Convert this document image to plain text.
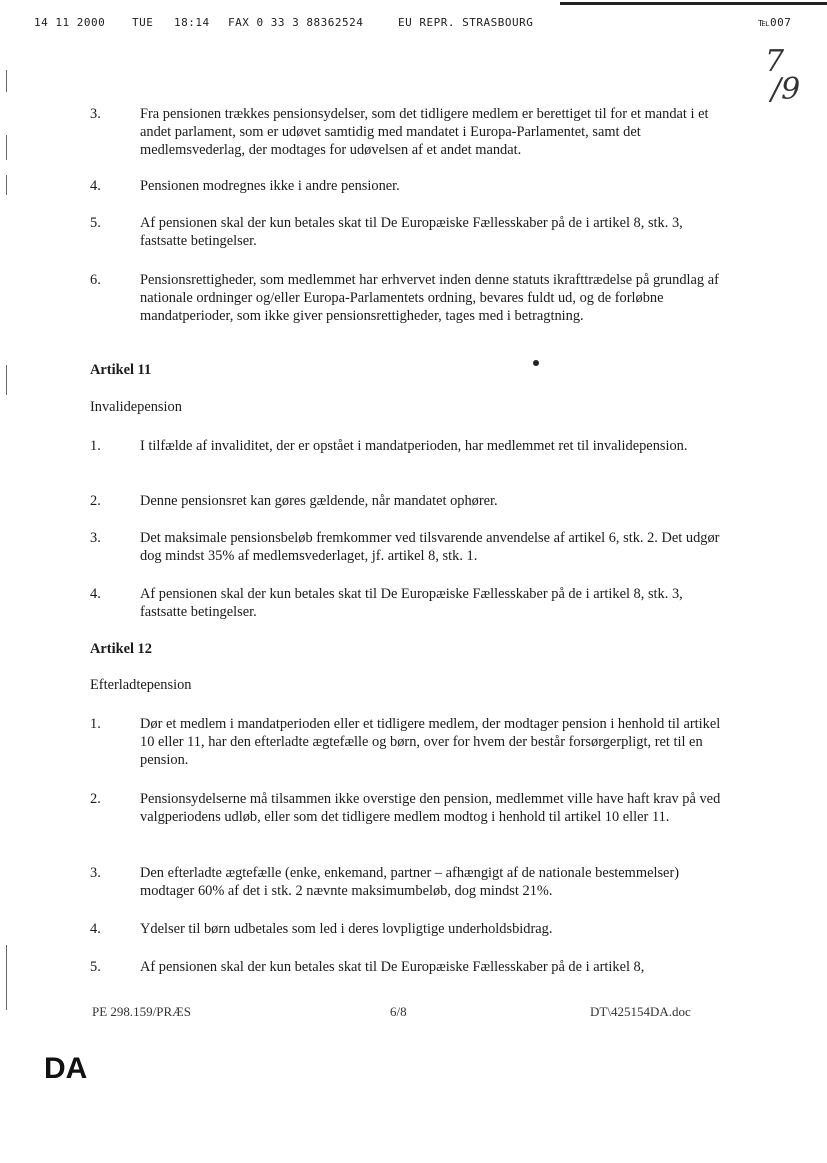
14 11 2000 TUE 18:14 FAX 0 33 3 88362524	EU REPR. STRASBOURG	℡ 007
7
/9
3.	Fra pensionen trækkes pensionsydelser, som det tidligere medlem er berettiget til for et mandat i et andet parlament, som er udøvet samtidig med mandatet i Europa-Parlamentet, samt det medlemsvederlag, der modtages for udøvelsen af et andet mandat.
4.	Pensionen modregnes ikke i andre pensioner.
5.	Af pensionen skal der kun betales skat til De Europæiske Fællesskaber på de i artikel 8, stk. 3, fastsatte betingelser.
6.	Pensionsrettigheder, som medlemmet har erhvervet inden denne statuts ikrafttrædelse på grundlag af nationale ordninger og/eller Europa-Parlamentets ordning, bevares fuldt ud, og de forløbne mandatperioder, som ikke giver pensionsrettigheder, tages med i betragtning.
Artikel 11
Invalidepension
1.	I tilfælde af invaliditet, der er opstået i mandatperioden, har medlemmet ret til invalidepension.
2.	Denne pensionsret kan gøres gældende, når mandatet ophører.
3.	Det maksimale pensionsbeløb fremkommer ved tilsvarende anvendelse af artikel 6, stk. 2. Det udgør dog mindst 35% af medlemsvederlaget, jf. artikel 8, stk. 1.
4.	Af pensionen skal der kun betales skat til De Europæiske Fællesskaber på de i artikel 8, stk. 3, fastsatte betingelser.
Artikel 12
Efterladtepension
1.	Dør et medlem i mandatperioden eller et tidligere medlem, der modtager pension i henhold til artikel 10 eller 11, har den efterladte ægtefælle og børn, over for hvem der består forsørgerpligt, ret til en pension.
2.	Pensionsydelserne må tilsammen ikke overstige den pension, medlemmet ville have haft krav på ved valgperiodens udløb, eller som det tidligere medlem modtog i henhold til artikel 10 eller 11.
3.	Den efterladte ægtefælle (enke, enkemand, partner – afhængigt af de nationale bestemmelser) modtager 60% af det i stk. 2 nævnte maksimumbeløb, dog mindst 21%.
4.	Ydelser til børn udbetales som led i deres lovpligtige underholdsbidrag.
5.	Af pensionen skal der kun betales skat til De Europæiske Fællesskaber på de i artikel 8,
PE 298.159/PRÆS	6/8	DT\425154DA.doc
DA
